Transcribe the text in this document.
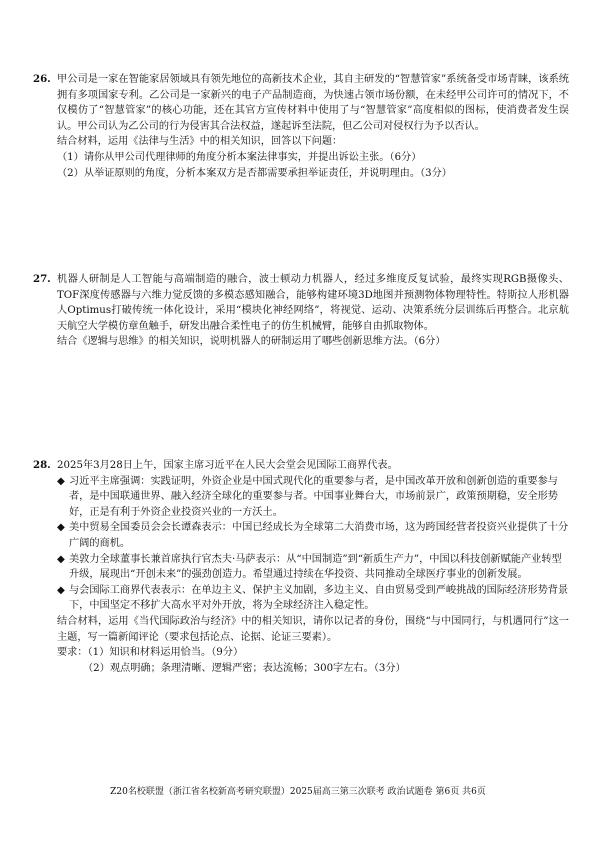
26. 甲公司是一家在智能家居领域具有领先地位的高新技术企业，其自主研发的“智慧管家”系统备受市场青睐，该系统拥有多项国家专利。乙公司是一家新兴的电子产品制造商，为快速占领市场份额，在未经甲公司许可的情况下，不仅模仿了“智慧管家”的核心功能，还在其官方宣传材料中使用了与“智慧管家”高度相似的图标，使消费者发生误认。甲公司认为乙公司的行为侵害其合法权益，遂起诉至法院，但乙公司对侵权行为予以否认。

结合材料，运用《法律与生活》中的相关知识，回答以下问题：

（1）请你从甲公司代理律师的角度分析本案法律事实，并提出诉讼主张。（6分）

（2）从举证原则的角度，分析本案双方是否都需要承担举证责任，并说明理由。（3分）

27. 机器人研制是人工智能与高端制造的融合，波士顿动力机器人，经过多维度反复试验，最终实现RGB摄像头、TOF深度传感器与六维力觉反馈的多模态感知融合，能够构建环境3D地图并预测物体物理特性。特斯拉人形机器人Optimus打破传统一体化设计，采用“模块化神经网络”，将视觉、运动、决策系统分层训练后再整合。北京航天航空大学模仿章鱼触手，研发出融合柔性电子的仿生机械臂，能够自由抓取物体。

结合《逻辑与思维》的相关知识，说明机器人的研制运用了哪些创新思维方法。（6分）

28. 2025年3月28日上午，国家主席习近平在人民大会堂会见国际工商界代表。

◆ 习近平主席强调：实践证明，外资企业是中国式现代化的重要参与者，是中国改革开放和创新创造的重要参与者，是中国联通世界、融入经济全球化的重要参与者。中国事业舞台大，市场前景广，政策预期稳，安全形势好，正是有利于外资企业投资兴业的一方沃土。
◆ 美中贸易全国委员会会长谭森表示：中国已经成长为全球第二大消费市场，这为跨国经营者投资兴业提供了十分广阔的商机。
◆ 美敦力全球董事长兼首席执行官杰夫·马萨表示：从“中国制造”到“新质生产力”，中国以科技创新赋能产业转型升级，展现出“开创未来”的强劲创造力。希望通过持续在华投资、共同推动全球医疗事业的创新发展。
◆ 与会国际工商界代表表示：在单边主义、保护主义加剧，多边主义、自由贸易受到严峻挑战的国际经济形势背景下，中国坚定不移扩大高水平对外开放，将为全球经济注入稳定性。

结合材料，运用《当代国际政治与经济》中的相关知识，请你以记者的身份，围绕“与中国同行，与机遇同行”这一主题，写一篇新闻评论（要求包括论点、论据、论证三要素）。

要求：（1）知识和材料运用恰当。（9分）

（2）观点明确；条理清晰、逻辑严密；表达流畅；300字左右。（3分）

Z20名校联盟（浙江省名校新高考研究联盟）2025届高三第三次联考 政治试题卷 第6页 共6页
